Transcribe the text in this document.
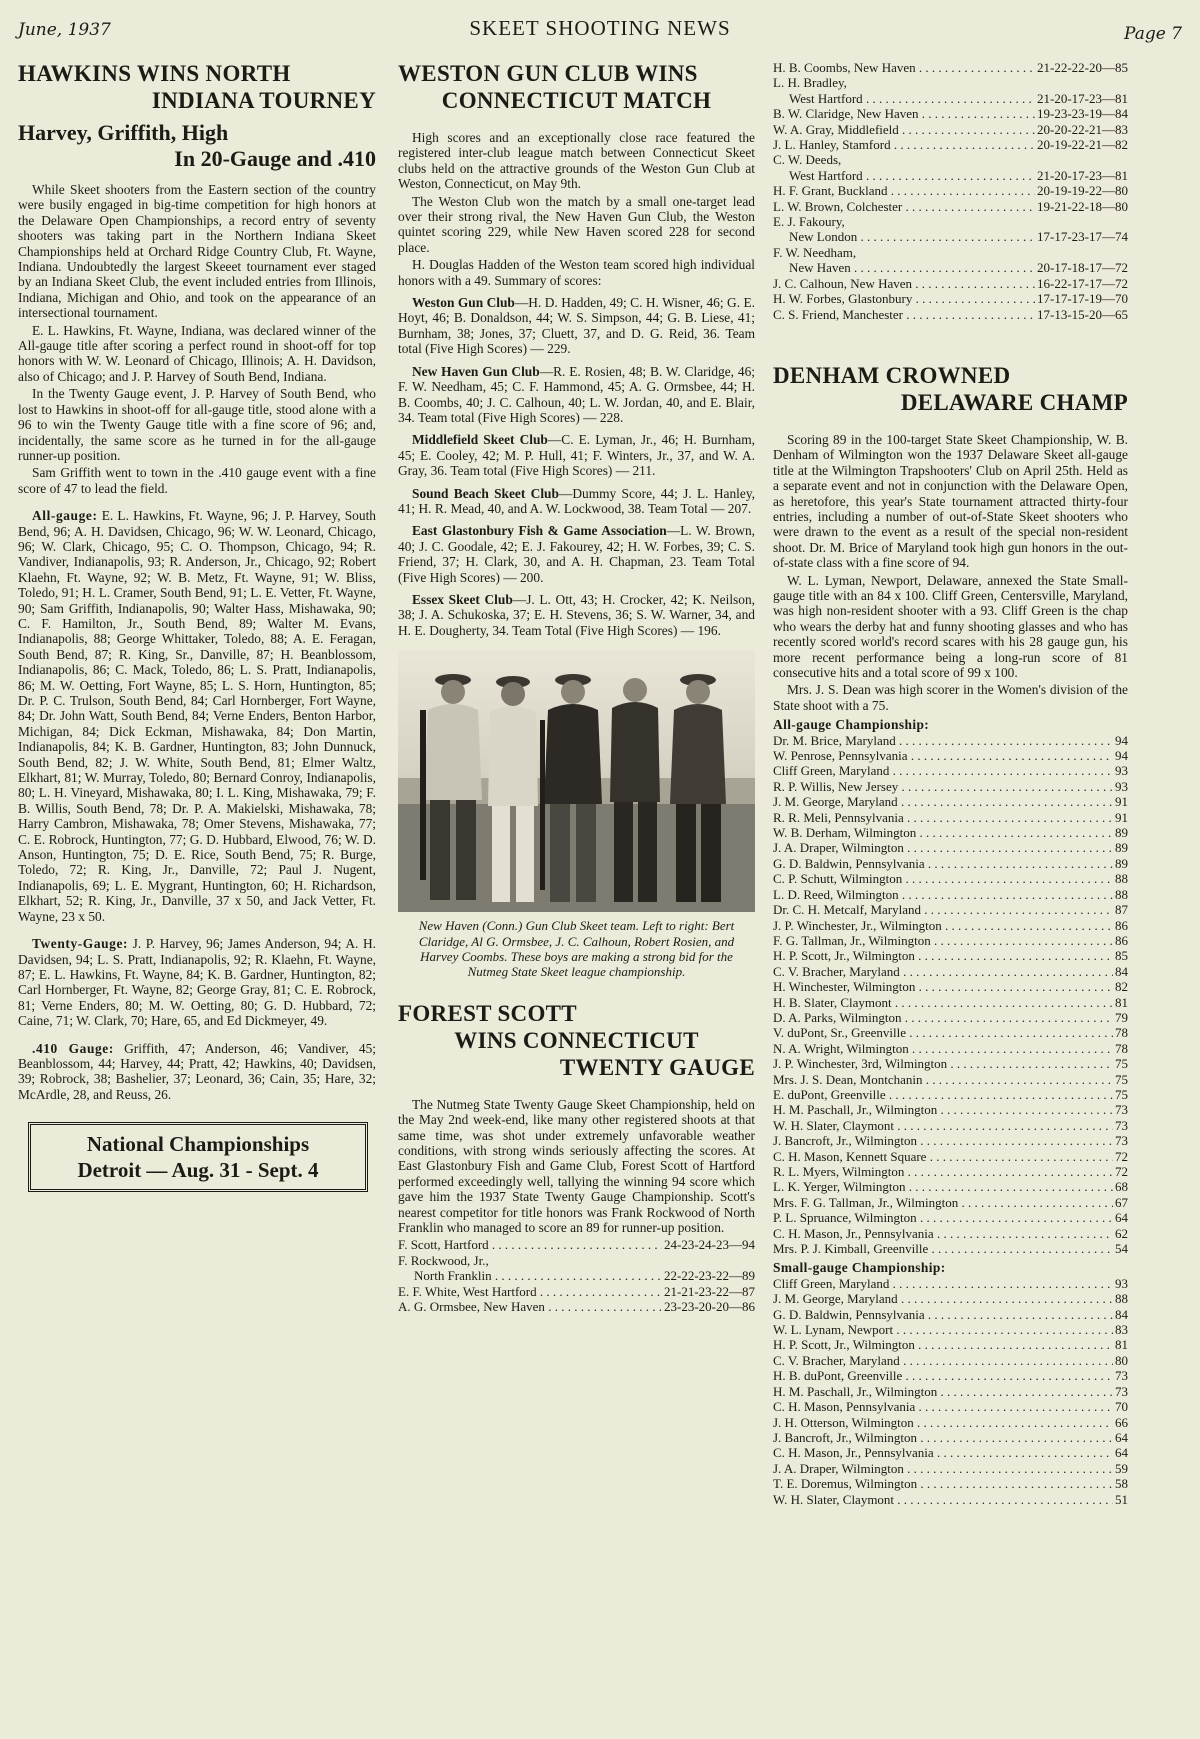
June, 1937	SKEET SHOOTING NEWS	Page 7
HAWKINS WINS NORTH
INDIANA TOURNEY
Harvey, Griffith, High
In 20-Gauge and .410

While Skeet shooters from the Eastern section of the country were busily engaged in big-time competition for high honors at the Delaware Open Championships, a record entry of seventy shooters was taking part in the Northern Indiana Skeet Championships held at Orchard Ridge Country Club, Ft. Wayne, Indiana. Undoubtedly the largest Skeeet tournament ever staged by an Indiana Skeet Club, the event included entries from Illinois, Indiana, Michigan and Ohio, and took on the appearance of an intersectional tournament.

E. L. Hawkins, Ft. Wayne, Indiana, was declared winner of the All-gauge title after scoring a perfect round in shoot-off for top honors with W. W. Leonard of Chicago, Illinois; A. H. Davidson, also of Chicago; and J. P. Harvey of South Bend, Indiana.

In the Twenty Gauge event, J. P. Harvey of South Bend, who lost to Hawkins in shoot-off for all-gauge title, stood alone with a 96 to win the Twenty Gauge title with a fine score of 96; and, incidentally, the same score as he turned in for the all-gauge runner-up position.

Sam Griffith went to town in the .410 gauge event with a fine score of 47 to lead the field.

All-gauge: E. L. Hawkins, Ft. Wayne, 96; J. P. Harvey, South Bend, 96; A. H. Davidsen, Chicago, 96; W. W. Leonard, Chicago, 96; W. Clark, Chicago, 95; C. O. Thompson, Chicago, 94; R. Vandiver, Indianapolis, 93; R. Anderson, Jr., Chicago, 92; Robert Klaehn, Ft. Wayne, 92; W. B. Metz, Ft. Wayne, 91; W. Bliss, Toledo, 91; H. L. Cramer, South Bend, 91; L. E. Vetter, Ft. Wayne, 90; Sam Griffith, Indianapolis, 90; Walter Hass, Mishawaka, 90; C. F. Hamilton, Jr., South Bend, 89; Walter M. Evans, Indianapolis, 88; George Whittaker, Toledo, 88; A. E. Feragan, South Bend, 87; R. King, Sr., Danville, 87; H. Beanblossom, Indianapolis, 86; C. Mack, Toledo, 86; L. S. Pratt, Indianapolis, 86; M. W. Oetting, Fort Wayne, 85; L. S. Horn, Huntington, 85; Dr. P. C. Trulson, South Bend, 84; Carl Hornberger, Fort Wayne, 84; Dr. John Watt, South Bend, 84; Verne Enders, Benton Harbor, Michigan, 84; Dick Eckman, Mishawaka, 84; Don Martin, Indianapolis, 84; K. B. Gardner, Huntington, 83; John Dunnuck, South Bend, 82; J. W. White, South Bend, 81; Elmer Waltz, Elkhart, 81; W. Murray, Toledo, 80; Bernard Conroy, Indianapolis, 80; L. H. Vineyard, Mishawaka, 80; I. L. King, Mishawaka, 79; F. B. Willis, South Bend, 78; Dr. P. A. Makielski, Mishawaka, 78; Harry Cambron, Mishawaka, 78; Omer Stevens, Mishawaka, 77; C. E. Robrock, Huntington, 77; G. D. Hubbard, Elwood, 76; W. D. Anson, Huntington, 75; D. E. Rice, South Bend, 75; R. Burge, Toledo, 72; R. King, Jr., Danville, 72; Paul J. Nugent, Indianapolis, 69; L. E. Mygrant, Huntington, 60; H. Richardson, Elkhart, 52; R. King, Jr., Danville, 37 x 50, and Jack Vetter, Ft. Wayne, 23 x 50.

Twenty-Gauge: J. P. Harvey, 96; James Anderson, 94; A. H. Davidsen, 94; L. S. Pratt, Indianapolis, 92; R. Klaehn, Ft. Wayne, 87; E. L. Hawkins, Ft. Wayne, 84; K. B. Gardner, Huntington, 82; Carl Hornberger, Ft. Wayne, 82; George Gray, 81; C. E. Robrock, 81; Verne Enders, 80; M. W. Oetting, 80; G. D. Hubbard, 72; Caine, 71; W. Clark, 70; Hare, 65, and Ed Dickmeyer, 49.

.410 Gauge: Griffith, 47; Anderson, 46; Vandiver, 45; Beanblossom, 44; Harvey, 44; Pratt, 42; Hawkins, 40; Davidsen, 39; Robrock, 38; Bashelier, 37; Leonard, 36; Cain, 35; Hare, 32; McArdle, 28, and Reuss, 26.

National Championships
Detroit — Aug. 31 - Sept. 4
WESTON GUN CLUB WINS
CONNECTICUT MATCH

High scores and an exceptionally close race featured the registered inter-club league match between Connecticut Skeet clubs held on the attractive grounds of the Weston Gun Club at Weston, Connecticut, on May 9th.

The Weston Club won the match by a small one-target lead over their strong rival, the New Haven Gun Club, the Weston quintet scoring 229, while New Haven scored 228 for second place.

H. Douglas Hadden of the Weston team scored high individual honors with a 49. Summary of scores:

Weston Gun Club—H. D. Hadden, 49; C. H. Wisner, 46; G. E. Hoyt, 46; B. Donaldson, 44; W. S. Simpson, 44; G. B. Liese, 41; Burnham, 38; Jones, 37; Cluett, 37, and D. G. Reid, 36. Team total (Five High Scores) — 229.

New Haven Gun Club—R. E. Rosien, 48; B. W. Claridge, 46; F. W. Needham, 45; C. F. Hammond, 45; A. G. Ormsbee, 44; H. B. Coombs, 40; J. C. Calhoun, 40; L. W. Jordan, 40, and E. Blair, 34. Team total (Five High Scores) — 228.

Middlefield Skeet Club—C. E. Lyman, Jr., 46; H. Burnham, 45; E. Cooley, 42; M. P. Hull, 41; F. Winters, Jr., 37, and W. A. Gray, 36. Team total (Five High Scores) — 211.

Sound Beach Skeet Club—Dummy Score, 44; J. L. Hanley, 41; H. R. Mead, 40, and A. W. Lockwood, 38. Team Total — 207.

East Glastonbury Fish & Game Association—L. W. Brown, 40; J. C. Goodale, 42; E. J. Fakourey, 42; H. W. Forbes, 39; C. S. Friend, 37; H. Clark, 30, and A. H. Chapman, 23. Team Total (Five High Scores) — 200.

Essex Skeet Club—J. L. Ott, 43; H. Crocker, 42; K. Neilson, 38; J. A. Schukoska, 37; E. H. Stevens, 36; S. W. Warner, 34, and H. E. Dougherty, 34. Team Total (Five High Scores) — 196.

New Haven (Conn.) Gun Club Skeet team. Left to right: Bert Claridge, Al G. Ormsbee, J. C. Calhoun, Robert Rosien, and Harvey Coombs. These boys are making a strong bid for the Nutmeg State Skeet league championship.

FOREST SCOTT
WINS CONNECTICUT
TWENTY GAUGE

The Nutmeg State Twenty Gauge Skeet Championship, held on the May 2nd week-end, like many other registered shoots at that same time, was shot under extremely unfavorable weather conditions, with strong winds seriously affecting the scores. At East Glastonbury Fish and Game Club, Forest Scott of Hartford performed exceedingly well, tallying the winning 94 score which gave him the 1937 State Twenty Gauge Championship. Scott's nearest competitor for title honors was Frank Rockwood of North Franklin who managed to score an 89 for runner-up position.

F. Scott, Hartford . . .	24-23-24-23—94
F. Rockwood, Jr.,
North Franklin . . .	22-22-23-22—89
E. F. White, West Hartford . . .	21-21-23-22—87
A. G. Ormsbee, New Haven . . .	23-23-20-20—86
H. B. Coombs, New Haven . . .	21-22-22-20—85
L. H. Bradley,
West Hartford . . .	21-20-17-23—81
B. W. Claridge, New Haven . . .	19-23-23-19—84
W. A. Gray, Middlefield . . .	20-20-22-21—83
J. L. Hanley, Stamford . . .	20-19-22-21—82
C. W. Deeds,
West Hartford . . .	21-20-17-23—81
H. F. Grant, Buckland . . .	20-19-19-22—80
L. W. Brown, Colchester . . .	19-21-22-18—80
E. J. Fakoury,
New London . . .	17-17-23-17—74
F. W. Needham,
New Haven . . .	20-17-18-17—72
J. C. Calhoun, New Haven . . .	16-22-17-17—72
H. W. Forbes, Glastonbury . . .	17-17-17-19—70
C. S. Friend, Manchester . . .	17-13-15-20—65
DENHAM CROWNED
DELAWARE CHAMP

Scoring 89 in the 100-target State Skeet Championship, W. B. Denham of Wilmington won the 1937 Delaware Skeet all-gauge title at the Wilmington Trapshooters' Club on April 25th. Held as a separate event and not in conjunction with the Delaware Open, as heretofore, this year's State tournament attracted thirty-four entries, including a number of out-of-State Skeet shooters who were drawn to the event as a result of the special non-resident shoot. Dr. M. Brice of Maryland took high gun honors in the out-of-state class with a fine score of 94.

W. L. Lyman, Newport, Delaware, annexed the State Small-gauge title with an 84 x 100. Cliff Green, Centersville, Maryland, was high non-resident shooter with a 93. Cliff Green is the chap who wears the derby hat and funny shooting glasses and who has recently scored world's record scares with his 28 gauge gun, his more recent performance being a long-run score of 81 consecutive hits and a total score of 99 x 100.

Mrs. J. S. Dean was high scorer in the Women's division of the State shoot with a 75.

All-gauge Championship:
Dr. M. Brice, Maryland . . .	94
W. Penrose, Pennsylvania . . .	94
Cliff Green, Maryland . . .	93
R. P. Willis, New Jersey . . .	93
J. M. George, Maryland . . .	91
R. R. Meli, Pennsylvania . . .	91
W. B. Derham, Wilmington . . .	89
J. A. Draper, Wilmington . . .	89
G. D. Baldwin, Pennsylvania . . .	89
C. P. Schutt, Wilmington . . .	88
L. D. Reed, Wilmington . . .	88
Dr. C. H. Metcalf, Maryland . . .	87
J. P. Winchester, Jr., Wilmington . . .	86
F. G. Tallman, Jr., Wilmington . . .	86
H. P. Scott, Jr., Wilmington . . .	85
C. V. Bracher, Maryland . . .	84
H. Winchester, Wilmington . . .	82
H. B. Slater, Claymont . . .	81
D. A. Parks, Wilmington . . .	79
V. duPont, Sr., Greenville . . .	78
N. A. Wright, Wilmington . . .	78
J. P. Winchester, 3rd, Wilmington . . .	75
Mrs. J. S. Dean, Montchanin . . .	75
E. duPont, Greenville . . .	75
H. M. Paschall, Jr., Wilmington . . .	73
W. H. Slater, Claymont . . .	73
J. Bancroft, Jr., Wilmington . . .	73
C. H. Mason, Kennett Square . . .	72
R. L. Myers, Wilmington . . .	72
L. K. Yerger, Wilmington . . .	68
Mrs. F. G. Tallman, Jr., Wilmington . . .	67
P. L. Spruance, Wilmington . . .	64
C. H. Mason, Jr., Pennsylvania . . .	62
Mrs. P. J. Kimball, Greenville . . .	54
Small-gauge Championship:
Cliff Green, Maryland . . .	93
J. M. George, Maryland . . .	88
G. D. Baldwin, Pennsylvania . . .	84
W. L. Lynam, Newport . . .	83
H. P. Scott, Jr., Wilmington . . .	81
C. V. Bracher, Maryland . . .	80
H. B. duPont, Greenville . . .	73
H. M. Paschall, Jr., Wilmington . . .	73
C. H. Mason, Pennsylvania . . .	70
J. H. Otterson, Wilmington . . .	66
J. Bancroft, Jr., Wilmington . . .	64
C. H. Mason, Jr., Pennsylvania . . .	64
J. A. Draper, Wilmington . . .	59
T. E. Doremus, Wilmington . . .	58
W. H. Slater, Claymont . . .	51
